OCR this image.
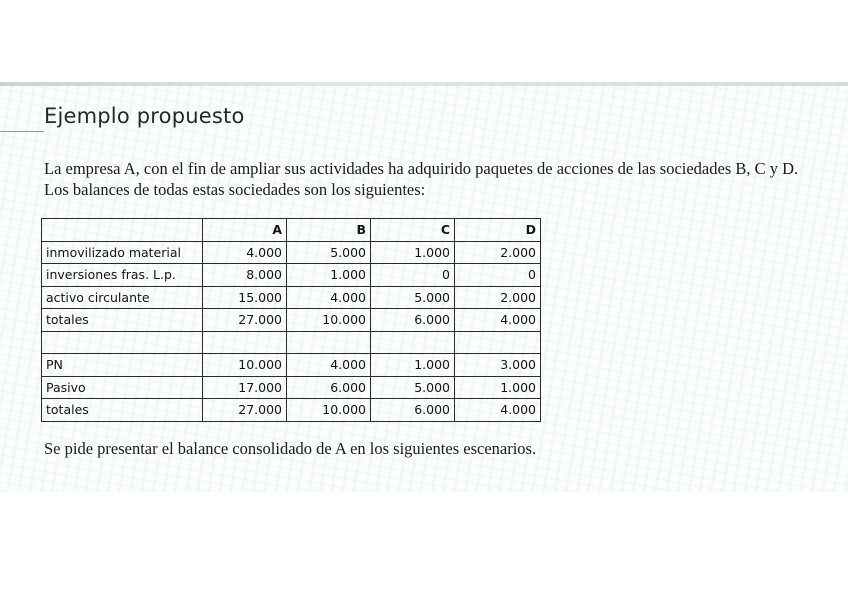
Ejemplo propuesto
La empresa A, con el fin de ampliar sus actividades ha adquirido paquetes de acciones de las sociedades B, C y D. Los balances de todas estas sociedades son los siguientes:
	A	B	C	D
inmovilizado material	4.000	5.000	1.000	2.000
inversiones fras. L.p.	8.000	1.000	0	0
activo circulante	15.000	4.000	5.000	2.000
totales	27.000	10.000	6.000	4.000

PN	10.000	4.000	1.000	3.000
Pasivo	17.000	6.000	5.000	1.000
totales	27.000	10.000	6.000	4.000
Se pide presentar el balance consolidado de A en los siguientes escenarios.
